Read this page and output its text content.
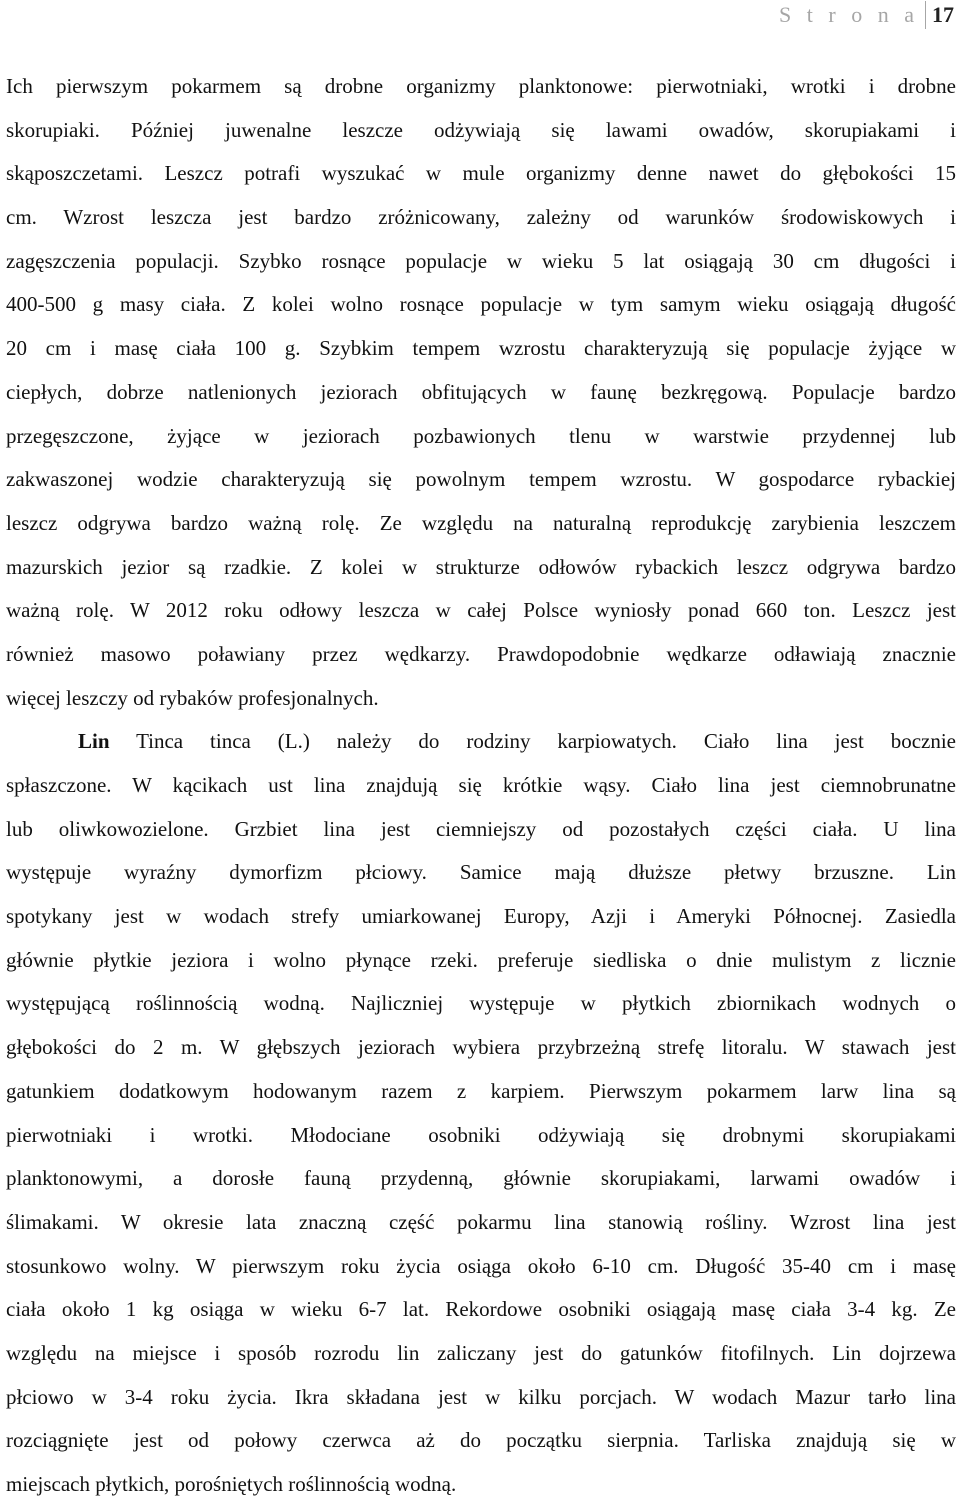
S t r o n a 17
Ich pierwszym pokarmem są drobne organizmy planktonowe: pierwotniaki, wrotki i drobne
skorupiaki. Później juwenalne leszcze odżywiają się lawami owadów, skorupiakami i
skąposzczetami. Leszcz potrafi wyszukać w mule organizmy denne nawet do głębokości 15
cm. Wzrost leszcza jest bardzo zróżnicowany, zależny od warunków środowiskowych i
zagęszczenia populacji. Szybko rosnące populacje w wieku 5 lat osiągają 30 cm długości i
400-500 g masy ciała. Z kolei wolno rosnące populacje w tym samym wieku osiągają długość
20 cm i masę ciała 100 g. Szybkim tempem wzrostu charakteryzują się populacje żyjące w
ciepłych, dobrze natlenionych jeziorach obfitujących w faunę bezkręgową. Populacje bardzo
przegęszczone, żyjące w jeziorach pozbawionych tlenu w warstwie przydennej lub
zakwaszonej wodzie charakteryzują się powolnym tempem wzrostu. W gospodarce rybackiej
leszcz odgrywa bardzo ważną rolę. Ze względu na naturalną reprodukcję zarybienia leszczem
mazurskich jezior są rzadkie. Z kolei w strukturze odłowów rybackich leszcz odgrywa bardzo
ważną rolę. W 2012 roku odłowy leszcza w całej Polsce wyniosły ponad 660 ton. Leszcz jest
również masowo poławiany przez wędkarzy. Prawdopodobnie wędkarze odławiają znacznie
więcej leszczy od rybaków profesjonalnych.
Lin Tinca tinca (L.) należy do rodziny karpiowatych. Ciało lina jest bocznie
spłaszczone. W kącikach ust lina znajdują się krótkie wąsy. Ciało lina jest ciemnobrunatne
lub oliwkowozielone. Grzbiet lina jest ciemniejszy od pozostałych części ciała. U lina
występuje wyraźny dymorfizm płciowy. Samice mają dłuższe płetwy brzuszne. Lin
spotykany jest w wodach strefy umiarkowanej Europy, Azji i Ameryki Północnej. Zasiedla
głównie płytkie jeziora i wolno płynące rzeki. preferuje siedliska o dnie mulistym z licznie
występującą roślinnością wodną. Najliczniej występuje w płytkich zbiornikach wodnych o
głębokości do 2 m. W głębszych jeziorach wybiera przybrzeżną strefę litoralu. W stawach jest
gatunkiem dodatkowym hodowanym razem z karpiem. Pierwszym pokarmem larw lina są
pierwotniaki i wrotki. Młodociane osobniki odżywiają się drobnymi skorupiakami
planktonowymi, a dorosłe fauną przydenną, głównie skorupiakami, larwami owadów i
ślimakami. W okresie lata znaczną część pokarmu lina stanowią rośliny. Wzrost lina jest
stosunkowo wolny. W pierwszym roku życia osiąga około 6-10 cm. Długość 35-40 cm i masę
ciała około 1 kg osiąga w wieku 6-7 lat. Rekordowe osobniki osiągają masę ciała 3-4 kg. Ze
względu na miejsce i sposób rozrodu lin zaliczany jest do gatunków fitofilnych. Lin dojrzewa
płciowo w 3-4 roku życia. Ikra składana jest w kilku porcjach. W wodach Mazur tarło lina
rozciągnięte jest od połowy czerwca aż do początku sierpnia. Tarliska znajdują się w
miejscach płytkich, porośniętych roślinnością wodną.
